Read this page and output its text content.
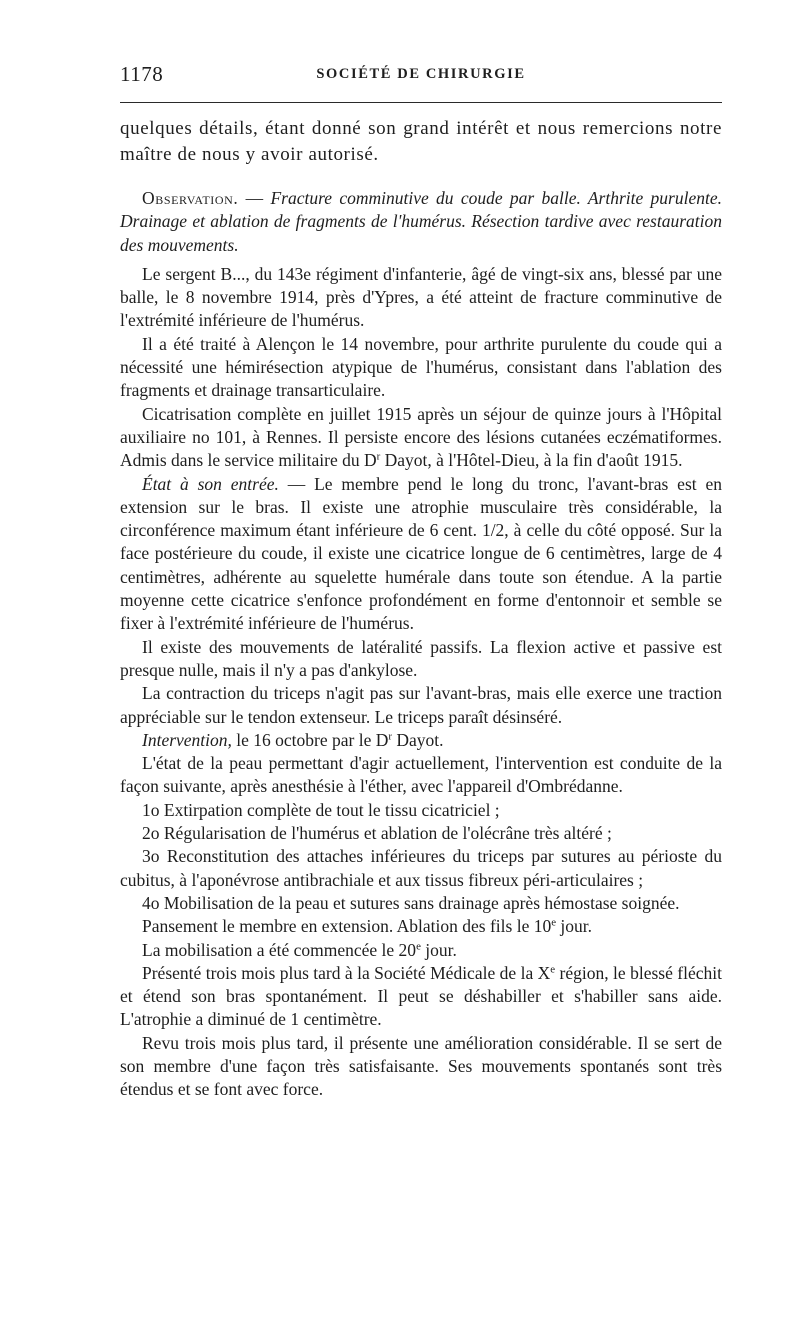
1178	SOCIÉTÉ DE CHIRURGIE

quelques détails, étant donné son grand intérêt et nous remercions notre maître de nous y avoir autorisé.

Observation. — Fracture comminutive du coude par balle. Arthrite purulente. Drainage et ablation de fragments de l'humérus. Résection tardive avec restauration des mouvements.

Le sergent B..., du 143e régiment d'infanterie, âgé de vingt-six ans, blessé par une balle, le 8 novembre 1914, près d'Ypres, a été atteint de fracture comminutive de l'extrémité inférieure de l'humérus.

Il a été traité à Alençon le 14 novembre, pour arthrite purulente du coude qui a nécessité une hémirésection atypique de l'humérus, consistant dans l'ablation des fragments et drainage transarticulaire.

Cicatrisation complète en juillet 1915 après un séjour de quinze jours à l'Hôpital auxiliaire no 101, à Rennes. Il persiste encore des lésions cutanées eczématiformes. Admis dans le service militaire du $D^r$ Dayot, à l'Hôtel-Dieu, à la fin d'août 1915.

État à son entrée. — Le membre pend le long du tronc, l'avant-bras est en extension sur le bras. Il existe une atrophie musculaire très considérable, la circonférence maximum étant inférieure de 6 cent. 1/2, à celle du côté opposé. Sur la face postérieure du coude, il existe une cicatrice longue de 6 centimètres, large de 4 centimètres, adhérente au squelette humérale dans toute son étendue. A la partie moyenne cette cicatrice s'enfonce profondément en forme d'entonnoir et semble se fixer à l'extrémité inférieure de l'humérus.

Il existe des mouvements de latéralité passifs. La flexion active et passive est presque nulle, mais il n'y a pas d'ankylose.

La contraction du triceps n'agit pas sur l'avant-bras, mais elle exerce une traction appréciable sur le tendon extenseur. Le triceps paraît désinséré.

Intervention, le 16 octobre par le $D^r$ Dayot.

L'état de la peau permettant d'agir actuellement, l'intervention est conduite de la façon suivante, après anesthésie à l'éther, avec l'appareil d'Ombrédanne.

1o Extirpation complète de tout le tissu cicatriciel ;

2o Régularisation de l'humérus et ablation de l'olécrâne très altéré ;

3o Reconstitution des attaches inférieures du triceps par sutures au périoste du cubitus, à l'aponévrose antibrachiale et aux tissus fibreux péri-articulaires ;

4o Mobilisation de la peau et sutures sans drainage après hémostase soignée.

Pansement le membre en extension. Ablation des fils le 10e jour.

La mobilisation a été commencée le 20e jour.

Présenté trois mois plus tard à la Société Médicale de la Xe région, le blessé fléchit et étend son bras spontanément. Il peut se déshabiller et s'habiller sans aide. L'atrophie a diminué de 1 centimètre.

Revu trois mois plus tard, il présente une amélioration considérable. Il se sert de son membre d'une façon très satisfaisante. Ses mouvements spontanés sont très étendus et se font avec force.
